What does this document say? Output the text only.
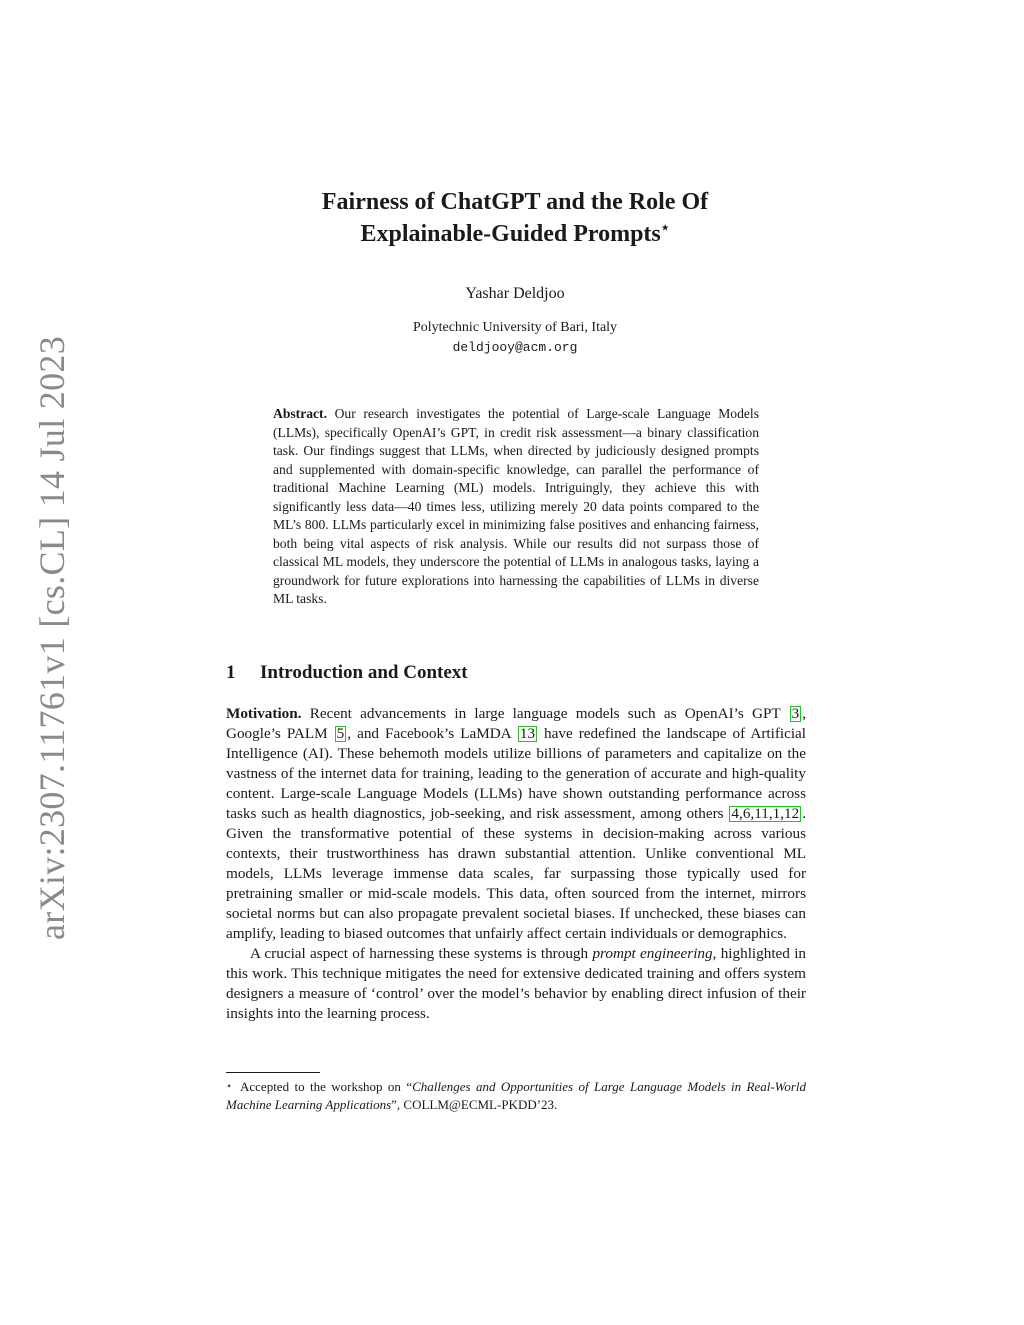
arXiv:2307.11761v1 [cs.CL] 14 Jul 2023
Fairness of ChatGPT and the Role Of
Explainable-Guided Prompts⋆
Yashar Deldjoo
Polytechnic University of Bari, Italy
deldjooy@acm.org
Abstract. Our research investigates the potential of Large-scale Language Models (LLMs), specifically OpenAI’s GPT, in credit risk assessment—a binary classification task. Our findings suggest that LLMs, when directed by judiciously designed prompts and supplemented with domain-specific knowledge, can parallel the performance of traditional Machine Learning (ML) models. Intriguingly, they achieve this with significantly less data—40 times less, utilizing merely 20 data points compared to the ML’s 800. LLMs particularly excel in minimizing false positives and enhancing fairness, both being vital aspects of risk analysis. While our results did not surpass those of classical ML models, they underscore the potential of LLMs in analogous tasks, laying a groundwork for future explorations into harnessing the capabilities of LLMs in diverse ML tasks.
1 Introduction and Context

Motivation. Recent advancements in large language models such as OpenAI’s GPT 3 , Google’s PALM 5 , and Facebook’s LaMDA 13 have redefined the landscape of Artificial Intelligence (AI). These behemoth models utilize billions of parameters and capitalize on the vastness of the internet data for training, leading to the generation of accurate and high-quality content. Large-scale Language Models (LLMs) have shown outstanding performance across tasks such as health diagnostics, job-seeking, and risk assessment, among others 4,6,11,1,12 . Given the transformative potential of these systems in decision-making across various contexts, their trustworthiness has drawn substantial attention. Unlike conventional ML models, LLMs leverage immense data scales, far surpassing those typically used for pretraining smaller or mid-scale models. This data, often sourced from the internet, mirrors societal norms but can also propagate prevalent societal biases. If unchecked, these biases can amplify, leading to biased outcomes that unfairly affect certain individuals or demographics.

A crucial aspect of harnessing these systems is through prompt engineering, highlighted in this work. This technique mitigates the need for extensive dedicated training and offers system designers a measure of ‘control’ over the model’s behavior by enabling direct infusion of their insights into the learning process.

⋆ Accepted to the workshop on “Challenges and Opportunities of Large Language Models in Real-World Machine Learning Applications”, COLLM@ECML-PKDD’23.
